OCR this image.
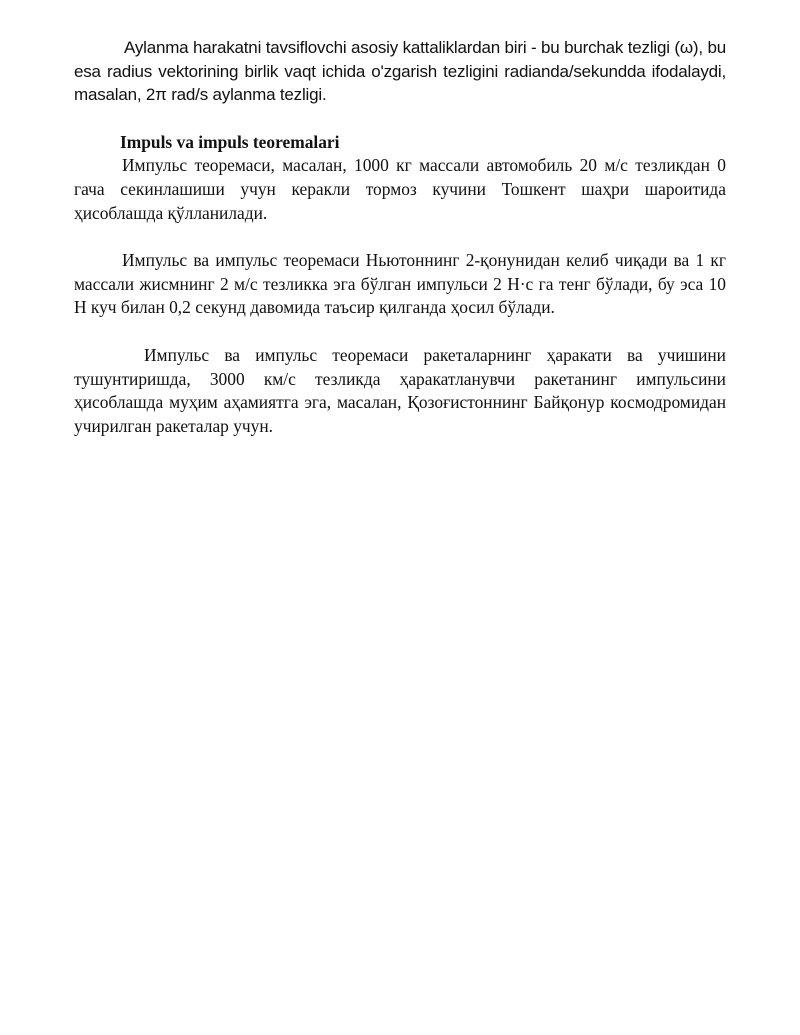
Aylanma harakatni tavsiflovchi asosiy kattaliklardan biri - bu burchak tezligi (ω), bu esa radius vektorining birlik vaqt ichida o'zgarish tezligini radianda/sekundda ifodalaydi, masalan, 2π rad/s aylanma tezligi.

Impuls va impuls teoremalari

Импульс теоремаси, масалан, 1000 кг массали автомобиль 20 м/с тезликдан 0 гача секинлашиши учун керакли тормоз кучини Тошкент шаҳри шароитида ҳисоблашда қўлланилади.

Импульс ва импульс теоремаси Ньютоннинг 2-қонунидан келиб чиқади ва 1 кг массали жисмнинг 2 м/с тезликка эга бўлган импульси 2 Н·с га тенг бўлади, бу эса 10 Н куч билан 0,2 секунд давомида таъсир қилганда ҳосил бўлади.

Импульс ва импульс теоремаси ракеталарнинг ҳаракати ва учишини тушунтиришда, 3000 км/с тезликда ҳаракатланувчи ракетанинг импульсини ҳисоблашда муҳим аҳамиятга эга, масалан, Қозоғистоннинг Байқонур космодромидан учирилган ракеталар учун.
